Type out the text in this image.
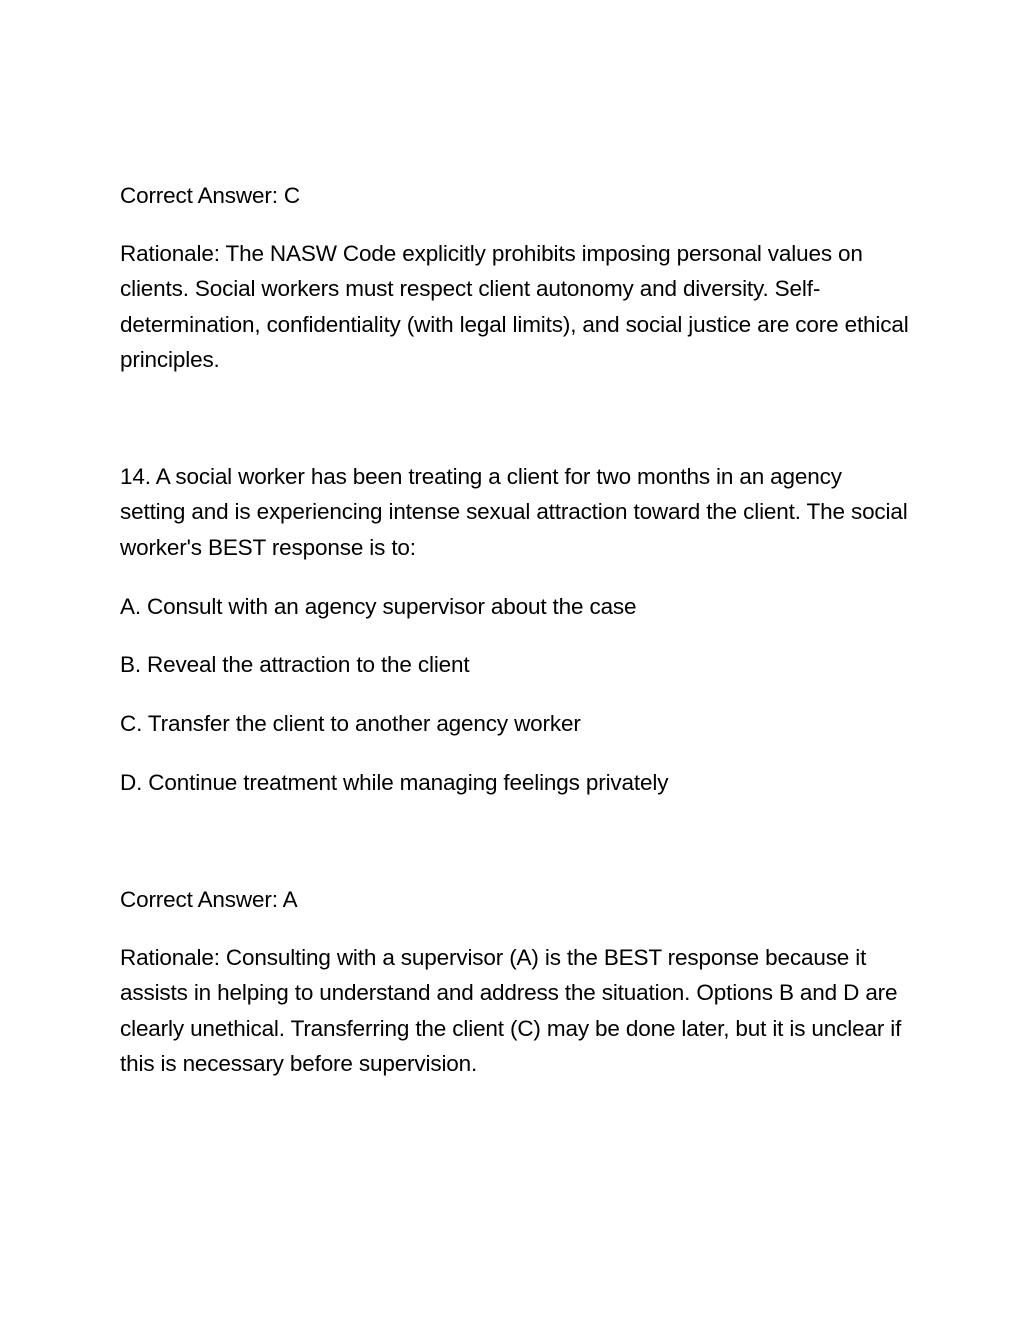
Correct Answer: C

Rationale: The NASW Code explicitly prohibits imposing personal values on clients. Social workers must respect client autonomy and diversity. Self-determination, confidentiality (with legal limits), and social justice are core ethical principles.

14. A social worker has been treating a client for two months in an agency setting and is experiencing intense sexual attraction toward the client. The social worker's BEST response is to:

A. Consult with an agency supervisor about the case

B. Reveal the attraction to the client

C. Transfer the client to another agency worker

D. Continue treatment while managing feelings privately

Correct Answer: A

Rationale: Consulting with a supervisor (A) is the BEST response because it assists in helping to understand and address the situation. Options B and D are clearly unethical. Transferring the client (C) may be done later, but it is unclear if this is necessary before supervision.
